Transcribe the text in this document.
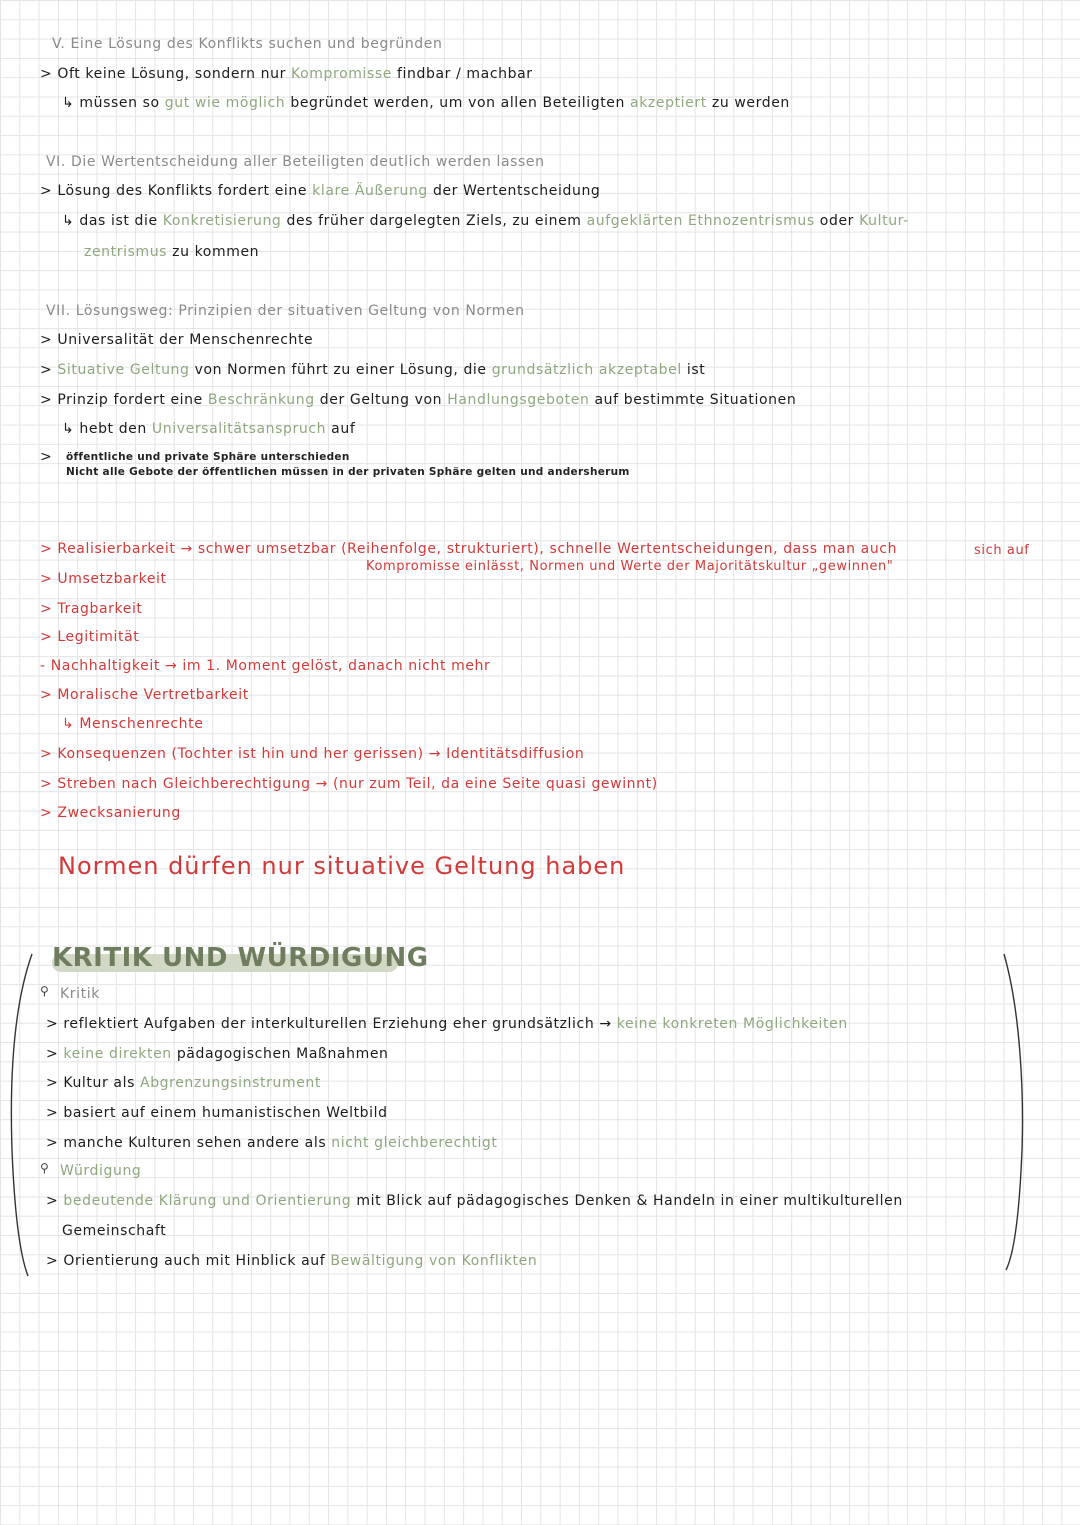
V. Eine Lösung des Konflikts suchen und begründen
> Oft keine Lösung, sondern nur Kompromisse findbar / machbar
↳ müssen so gut wie möglich begründet werden, um von allen Beteiligten akzeptiert zu werden
VI. Die Wertentscheidung aller Beteiligten deutlich werden lassen
> Lösung des Konflikts fordert eine klare Äußerung der Wertentscheidung
↳ das ist die Konkretisierung des früher dargelegten Ziels, zu einem aufgeklärten Ethnozentrismus oder Kultur-
zentrismus zu kommen
VII. Lösungsweg: Prinzipien der situativen Geltung von Normen
> Universalität der Menschenrechte
> Situative Geltung von Normen führt zu einer Lösung, die grundsätzlich akzeptabel ist
> Prinzip fordert eine Beschränkung der Geltung von Handlungsgeboten auf bestimmte Situationen
↳ hebt den Universalitätsanspruch auf
> öffentliche und private Sphäre unterschieden
Nicht alle Gebote der öffentlichen müssen in der privaten Sphäre gelten und andersherum
> Realisierbarkeit → schwer umsetzbar (Reihenfolge, strukturiert), schnelle Wertentscheidungen, dass man auch	sich auf
Kompromisse einlässt, Normen und Werte der Majoritätskultur „gewinnen"
> Umsetzbarkeit
> Tragbarkeit
> Legitimität
- Nachhaltigkeit → im 1. Moment gelöst, danach nicht mehr
> Moralische Vertretbarkeit
↳ Menschenrechte
> Konsequenzen (Tochter ist hin und her gerissen) → Identitätsdiffusion
> Streben nach Gleichberechtigung → (nur zum Teil, da eine Seite quasi gewinnt)
> Zwecksanierung
Normen dürfen nur situative Geltung haben
KRITIK UND WÜRDIGUNG
⚲ Kritik
> reflektiert Aufgaben der interkulturellen Erziehung eher grundsätzlich → keine konkreten Möglichkeiten
> keine direkten pädagogischen Maßnahmen
> Kultur als Abgrenzungsinstrument
> basiert auf einem humanistischen Weltbild
> manche Kulturen sehen andere als nicht gleichberechtigt
⚲ Würdigung
> bedeutende Klärung und Orientierung mit Blick auf pädagogisches Denken & Handeln in einer multikulturellen
Gemeinschaft
> Orientierung auch mit Hinblick auf Bewältigung von Konflikten
